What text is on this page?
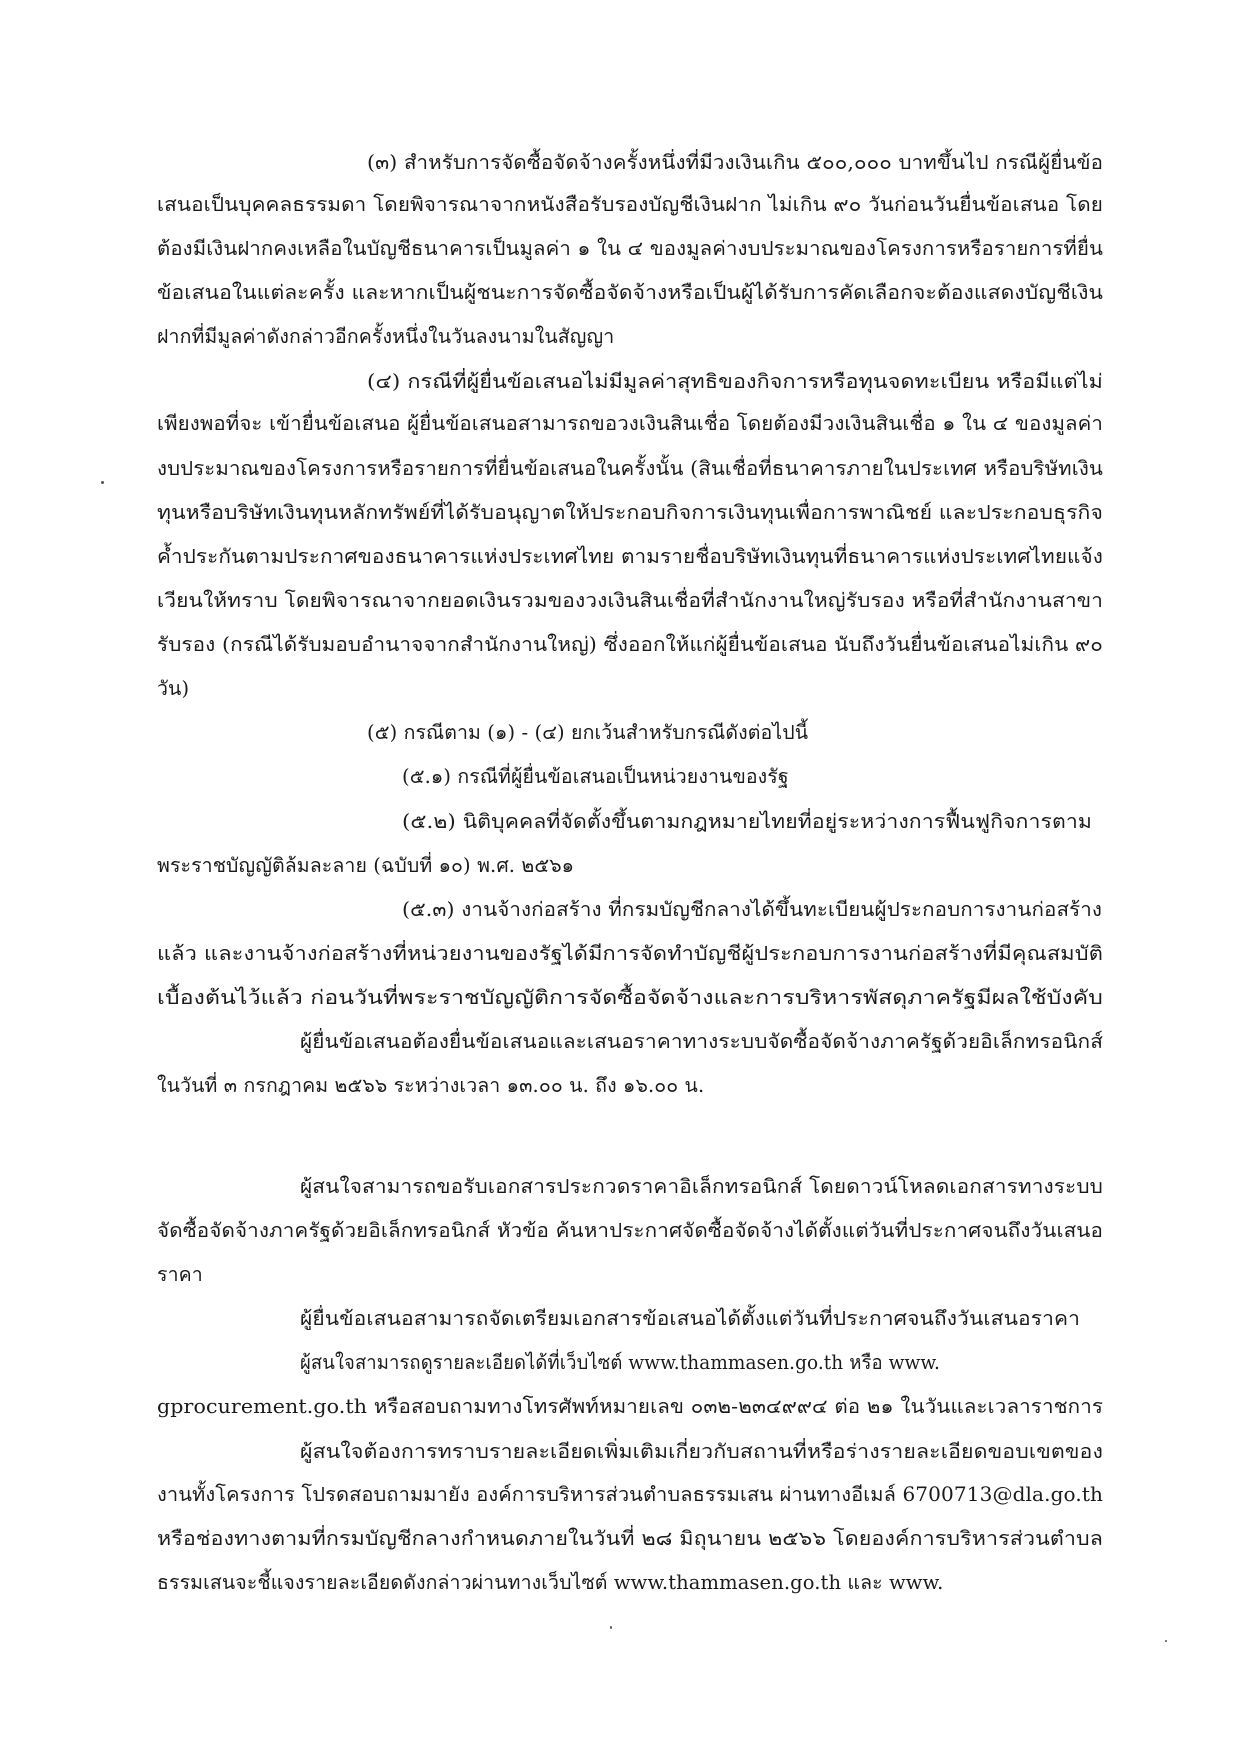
(๓) สำหรับการจัดซื้อจัดจ้างครั้งหนึ่งที่มีวงเงินเกิน ๕๐๐,๐๐๐ บาทขึ้นไป กรณีผู้ยื่นข้อ
เสนอเป็นบุคคลธรรมดา โดยพิจารณาจากหนังสือรับรองบัญชีเงินฝาก ไม่เกิน ๙๐ วันก่อนวันยื่นข้อเสนอ โดย
ต้องมีเงินฝากคงเหลือในบัญชีธนาคารเป็นมูลค่า ๑ ใน ๔ ของมูลค่างบประมาณของโครงการหรือรายการที่ยื่น
ข้อเสนอในแต่ละครั้ง และหากเป็นผู้ชนะการจัดซื้อจัดจ้างหรือเป็นผู้ได้รับการคัดเลือกจะต้องแสดงบัญชีเงิน
ฝากที่มีมูลค่าดังกล่าวอีกครั้งหนึ่งในวันลงนามในสัญญา
(๔) กรณีที่ผู้ยื่นข้อเสนอไม่มีมูลค่าสุทธิของกิจการหรือทุนจดทะเบียน หรือมีแต่ไม่
เพียงพอที่จะ เข้ายื่นข้อเสนอ ผู้ยื่นข้อเสนอสามารถขอวงเงินสินเชื่อ โดยต้องมีวงเงินสินเชื่อ ๑ ใน ๔ ของมูลค่า
งบประมาณของโครงการหรือรายการที่ยื่นข้อเสนอในครั้งนั้น (สินเชื่อที่ธนาคารภายในประเทศ หรือบริษัทเงิน
ทุนหรือบริษัทเงินทุนหลักทรัพย์ที่ได้รับอนุญาตให้ประกอบกิจการเงินทุนเพื่อการพาณิชย์ และประกอบธุรกิจ
ค้ำประกันตามประกาศของธนาคารแห่งประเทศไทย ตามรายชื่อบริษัทเงินทุนที่ธนาคารแห่งประเทศไทยแจ้ง
เวียนให้ทราบ โดยพิจารณาจากยอดเงินรวมของวงเงินสินเชื่อที่สำนักงานใหญ่รับรอง หรือที่สำนักงานสาขา
รับรอง (กรณีได้รับมอบอำนาจจากสำนักงานใหญ่) ซึ่งออกให้แก่ผู้ยื่นข้อเสนอ นับถึงวันยื่นข้อเสนอไม่เกิน ๙๐
วัน)
(๕) กรณีตาม (๑) - (๔) ยกเว้นสำหรับกรณีดังต่อไปนี้
(๕.๑) กรณีที่ผู้ยื่นข้อเสนอเป็นหน่วยงานของรัฐ
(๕.๒) นิติบุคคลที่จัดตั้งขึ้นตามกฎหมายไทยที่อยู่ระหว่างการฟื้นฟูกิจการตาม
พระราชบัญญัติล้มละลาย (ฉบับที่ ๑๐) พ.ศ. ๒๕๖๑
(๕.๓) งานจ้างก่อสร้าง ที่กรมบัญชีกลางได้ขึ้นทะเบียนผู้ประกอบการงานก่อสร้าง
แล้ว และงานจ้างก่อสร้างที่หน่วยงานของรัฐได้มีการจัดทำบัญชีผู้ประกอบการงานก่อสร้างที่มีคุณสมบัติ
เบื้องต้นไว้แล้ว ก่อนวันที่พระราชบัญญัติการจัดซื้อจัดจ้างและการบริหารพัสดุภาครัฐมีผลใช้บังคับ
ผู้ยื่นข้อเสนอต้องยื่นข้อเสนอและเสนอราคาทางระบบจัดซื้อจัดจ้างภาครัฐด้วยอิเล็กทรอนิกส์
ในวันที่ ๓ กรกฎาคม ๒๕๖๖ ระหว่างเวลา ๑๓.๐๐ น. ถึง ๑๖.๐๐ น.
ผู้สนใจสามารถขอรับเอกสารประกวดราคาอิเล็กทรอนิกส์ โดยดาวน์โหลดเอกสารทางระบบ
จัดซื้อจัดจ้างภาครัฐด้วยอิเล็กทรอนิกส์ หัวข้อ ค้นหาประกาศจัดซื้อจัดจ้างได้ตั้งแต่วันที่ประกาศจนถึงวันเสนอ
ราคา
ผู้ยื่นข้อเสนอสามารถจัดเตรียมเอกสารข้อเสนอได้ตั้งแต่วันที่ประกาศจนถึงวันเสนอราคา
ผู้สนใจสามารถดูรายละเอียดได้ที่เว็บไซต์ www.thammasen.go.th หรือ www.
gprocurement.go.th หรือสอบถามทางโทรศัพท์หมายเลข ๐๓๒-๒๓๔๙๙๔ ต่อ ๒๑ ในวันและเวลาราชการ
ผู้สนใจต้องการทราบรายละเอียดเพิ่มเติมเกี่ยวกับสถานที่หรือร่างรายละเอียดขอบเขตของ
งานทั้งโครงการ โปรดสอบถามมายัง องค์การบริหารส่วนตำบลธรรมเสน ผ่านทางอีเมล์ 6700713@dla.go.th
หรือช่องทางตามที่กรมบัญชีกลางกำหนดภายในวันที่ ๒๘ มิถุนายน ๒๕๖๖ โดยองค์การบริหารส่วนตำบล
ธรรมเสนจะชี้แจงรายละเอียดดังกล่าวผ่านทางเว็บไซต์ www.thammasen.go.th และ www.
